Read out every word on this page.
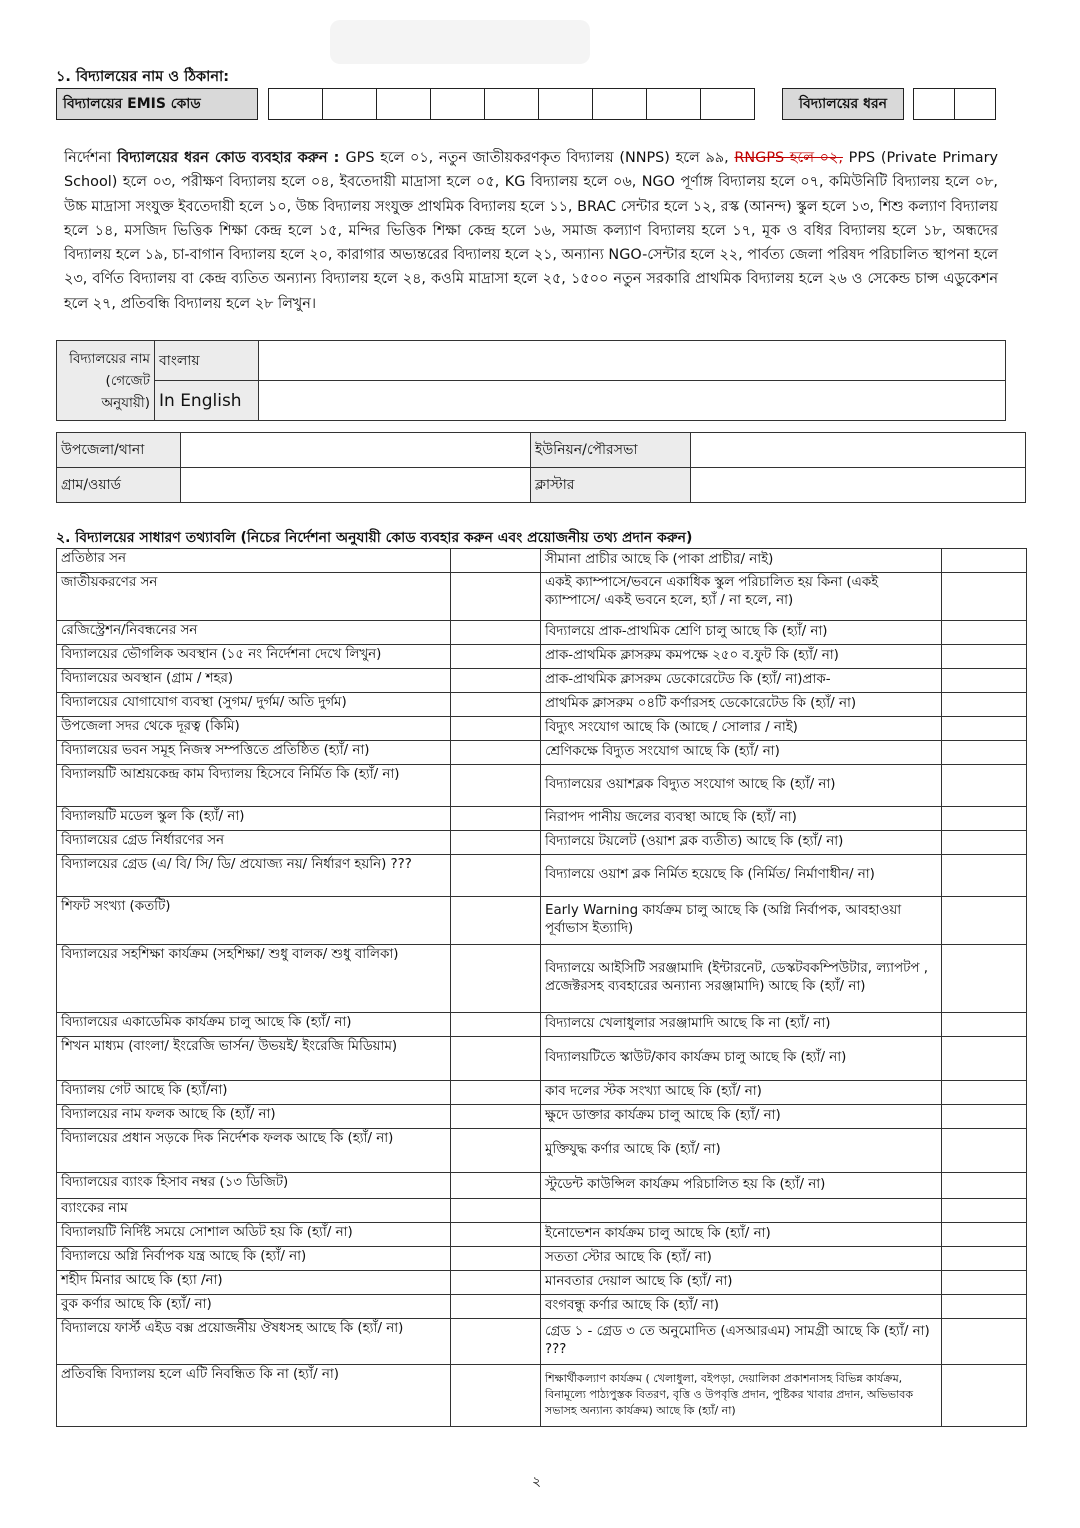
১. বিদ্যালয়ের নাম ও ঠিকানা:
বিদ্যালয়ের EMIS কোড	বিদ্যালয়ের ধরন
নির্দেশনা বিদ্যালয়ের ধরন কোড ব্যবহার করুন : GPS হলে ০১, নতুন জাতীয়করণকৃত বিদ্যালয় (NNPS) হলে ৯৯, RNGPS হলে ০২, PPS (Private Primary School) হলে ০৩, পরীক্ষণ বিদ্যালয় হলে ০৪, ইবতেদায়ী মাদ্রাসা হলে ০৫, KG বিদ্যালয় হলে ০৬, NGO পূর্ণাঙ্গ বিদ্যালয় হলে ০৭, কমিউনিটি বিদ্যালয় হলে ০৮, উচ্চ মাদ্রাসা সংযুক্ত ইবতেদায়ী হলে ১০, উচ্চ বিদ্যালয় সংযুক্ত প্রাথমিক বিদ্যালয় হলে ১১, BRAC সেন্টার হলে ১২, রস্ক (আনন্দ) স্কুল হলে ১৩, শিশু কল্যাণ বিদ্যালয় হলে ১৪, মসজিদ ভিত্তিক শিক্ষা কেন্দ্র হলে ১৫, মন্দির ভিত্তিক শিক্ষা কেন্দ্র হলে ১৬, সমাজ কল্যাণ বিদ্যালয় হলে ১৭, মূক ও বধির বিদ্যালয় হলে ১৮, অন্ধদের বিদ্যালয় হলে ১৯, চা-বাগান বিদ্যালয় হলে ২০, কারাগার অভ্যন্তরের বিদ্যালয় হলে ২১, অন্যান্য NGO-সেন্টার হলে ২২, পার্বত্য জেলা পরিষদ পরিচালিত স্থাপনা হলে ২৩, বর্ণিত বিদ্যালয় বা কেন্দ্র ব্যতিত অন্যান্য বিদ্যালয় হলে ২৪, কওমি মাদ্রাসা হলে ২৫, ১৫০০ নতুন সরকারি প্রাথমিক বিদ্যালয় হলে ২৬ ও সেকেন্ড চান্স এডুকেশন হলে ২৭, প্রতিবন্ধি বিদ্যালয় হলে ২৮ লিখুন।
বিদ্যালয়ের নাম (গেজেট অনুযায়ী)	বাংলায়	
	In English	
উপজেলা/থানা		ইউনিয়ন/পৌরসভা	
গ্রাম/ওয়ার্ড		ক্লাস্টার	
২. বিদ্যালয়ের সাধারণ তথ্যাবলি (নিচের নির্দেশনা অনুযায়ী কোড ব্যবহার করুন এবং প্রয়োজনীয় তথ্য প্রদান করুন)
প্রতিষ্ঠার সন		সীমানা প্রাচীর আছে কি (পাকা প্রাচীর/ নাই)	
জাতীয়করণের সন		একই ক্যাম্পাসে/ভবনে একাধিক স্কুল পরিচালিত হয় কিনা (একই ক্যাম্পাসে/ একই ভবনে হলে, হ্যাঁ / না হলে, না)	
রেজিস্ট্রেশন/নিবন্ধনের সন		বিদ্যালয়ে প্রাক-প্রাথমিক শ্রেণি চালু আছে কি (হ্যাঁ/ না)	
বিদ্যালয়ের ভৌগলিক অবস্থান (১৫ নং নির্দেশনা দেখে লিখুন)		প্রাক-প্রাথমিক ক্লাসরুম কমপক্ষে ২৫০ ব.ফুট কি (হ্যাঁ/ না)	
বিদ্যালয়ের অবস্থান (গ্রাম / শহর)		প্রাক-প্রাথমিক ক্লাসরুম ডেকোরেটেড কি (হ্যাঁ/ না)প্রাক-	
বিদ্যালয়ের যোগাযোগ ব্যবস্থা (সুগম/ দুর্গম/ অতি দুর্গম)		প্রাথমিক ক্লাসরুম ০৪টি কর্ণারসহ ডেকোরেটেড কি (হ্যাঁ/ না)	
উপজেলা সদর থেকে দূরত্ব (কিমি)		বিদ্যুৎ সংযোগ আছে কি (আছে / সোলার / নাই)	
বিদ্যালয়ের ভবন সমূহ নিজস্ব সম্পত্তিতে প্রতিষ্ঠিত (হ্যাঁ/ না)		শ্রেণিকক্ষে বিদ্যুত সংযোগ আছে কি (হ্যাঁ/ না)	
বিদ্যালয়টি আশ্রয়কেন্দ্র কাম বিদ্যালয় হিসেবে নির্মিত কি (হ্যাঁ/ না)		বিদ্যালয়ের ওয়াশব্লক বিদ্যুত সংযোগ আছে কি (হ্যাঁ/ না)	
বিদ্যালয়টি মডেল স্কুল কি (হ্যাঁ/ না)		নিরাপদ পানীয় জলের ব্যবস্থা আছে কি (হ্যাঁ/ না)	
বিদ্যালয়ের গ্রেড নির্ধারণের সন		বিদ্যালয়ে টয়লেট (ওয়াশ ব্লক ব্যতীত) আছে কি (হ্যাঁ/ না)	
বিদ্যালয়ের গ্রেড (এ/ বি/ সি/ ডি/ প্রযোজ্য নয়/ নির্ধারণ হয়নি) ???		বিদ্যালয়ে ওয়াশ ব্লক নির্মিত হয়েছে কি (নির্মিত/ নির্মাণাধীন/ না)	
শিফট সংখ্যা (কতটি)		Early Warning কার্যক্রম চালু আছে কি (অগ্নি নির্বাপক, আবহাওয়া পূর্বাভাস ইত্যাদি)	
বিদ্যালয়ের সহশিক্ষা কার্যক্রম (সহশিক্ষা/ শুধু বালক/ শুধু বালিকা)		বিদ্যালয়ে আইসিটি সরঞ্জামাদি (ইন্টারনেট, ডেস্কটবকম্পিউটার, ল্যাপটপ , প্রজেক্টরসহ ব্যবহারের অন্যান্য সরঞ্জামাদি) আছে কি (হ্যাঁ/ না)	
বিদ্যালয়ের একাডেমিক কার্যক্রম চালু আছে কি (হ্যাঁ/ না)		বিদ্যালয়ে খেলাধুলার সরঞ্জামাদি আছে কি না (হ্যাঁ/ না)	
শিখন মাধ্যম (বাংলা/ ইংরেজি ভার্সন/ উভয়ই/ ইংরেজি মিডিয়াম)		বিদ্যালয়টিতে স্কাউট/কাব কার্যক্রম চালু আছে কি (হ্যাঁ/ না)	
বিদ্যালয় গেট আছে কি (হ্যাঁ/না)		কাব দলের স্টক সংখ্যা আছে কি (হ্যাঁ/ না)	
বিদ্যালয়ের নাম ফলক আছে কি (হ্যাঁ/ না)		ক্ষুদে ডাক্তার কার্যক্রম চালু আছে কি (হ্যাঁ/ না)	
বিদ্যালয়ের প্রধান সড়কে দিক নির্দেশক ফলক আছে কি (হ্যাঁ/ না)		মুক্তিযুদ্ধ কর্ণার আছে কি (হ্যাঁ/ না)	
বিদ্যালয়ের ব্যাংক হিসাব নম্বর (১৩ ডিজিট)		স্টুডেন্ট কাউন্সিল কার্যক্রম পরিচালিত হয় কি (হ্যাঁ/ না)	
ব্যাংকের নাম			
বিদ্যালয়টি নির্দিষ্ট সময়ে সোশাল অডিট হয় কি (হ্যাঁ/ না)		ইনোভেশন কার্যক্রম চালু আছে কি (হ্যাঁ/ না)	
বিদ্যালয়ে অগ্নি নির্বাপক যন্ত্র আছে কি (হ্যাঁ/ না)		সততা স্টোর আছে কি (হ্যাঁ/ না)	
শহীদ মিনার আছে কি (হ্যা /না)		মানবতার দেয়াল আছে কি (হ্যাঁ/ না)	
বুক কর্ণার আছে কি (হ্যাঁ/ না)		বংগবন্ধু কর্ণার আছে কি (হ্যাঁ/ না)	
বিদ্যালয়ে ফার্স্ট এইড বক্স প্রয়োজনীয় ঔষধসহ আছে কি (হ্যাঁ/ না)		গ্রেড ১ - গ্রেড ৩ তে অনুমোদিত (এসআরএম) সামগ্রী আছে কি (হ্যাঁ/ না) ???	
প্রতিবন্ধি বিদ্যালয় হলে এটি নিবন্ধিত কি না (হ্যাঁ/ না)		শিক্ষার্থীকল্যাণ কার্যক্রম ( খেলাধুলা, বইপড়া, দেয়ালিকা প্রকাশনাসহ বিভিন্ন কার্যক্রম, বিনামূল্যে পাঠ্যপুস্তক বিতরণ, বৃত্তি ও উপবৃত্তি প্রদান, পুষ্টিকর খাবার প্রদান, অভিভাবক সভাসহ অন্যান্য কার্যক্রম) আছে কি (হ্যাঁ/ না)	
২
